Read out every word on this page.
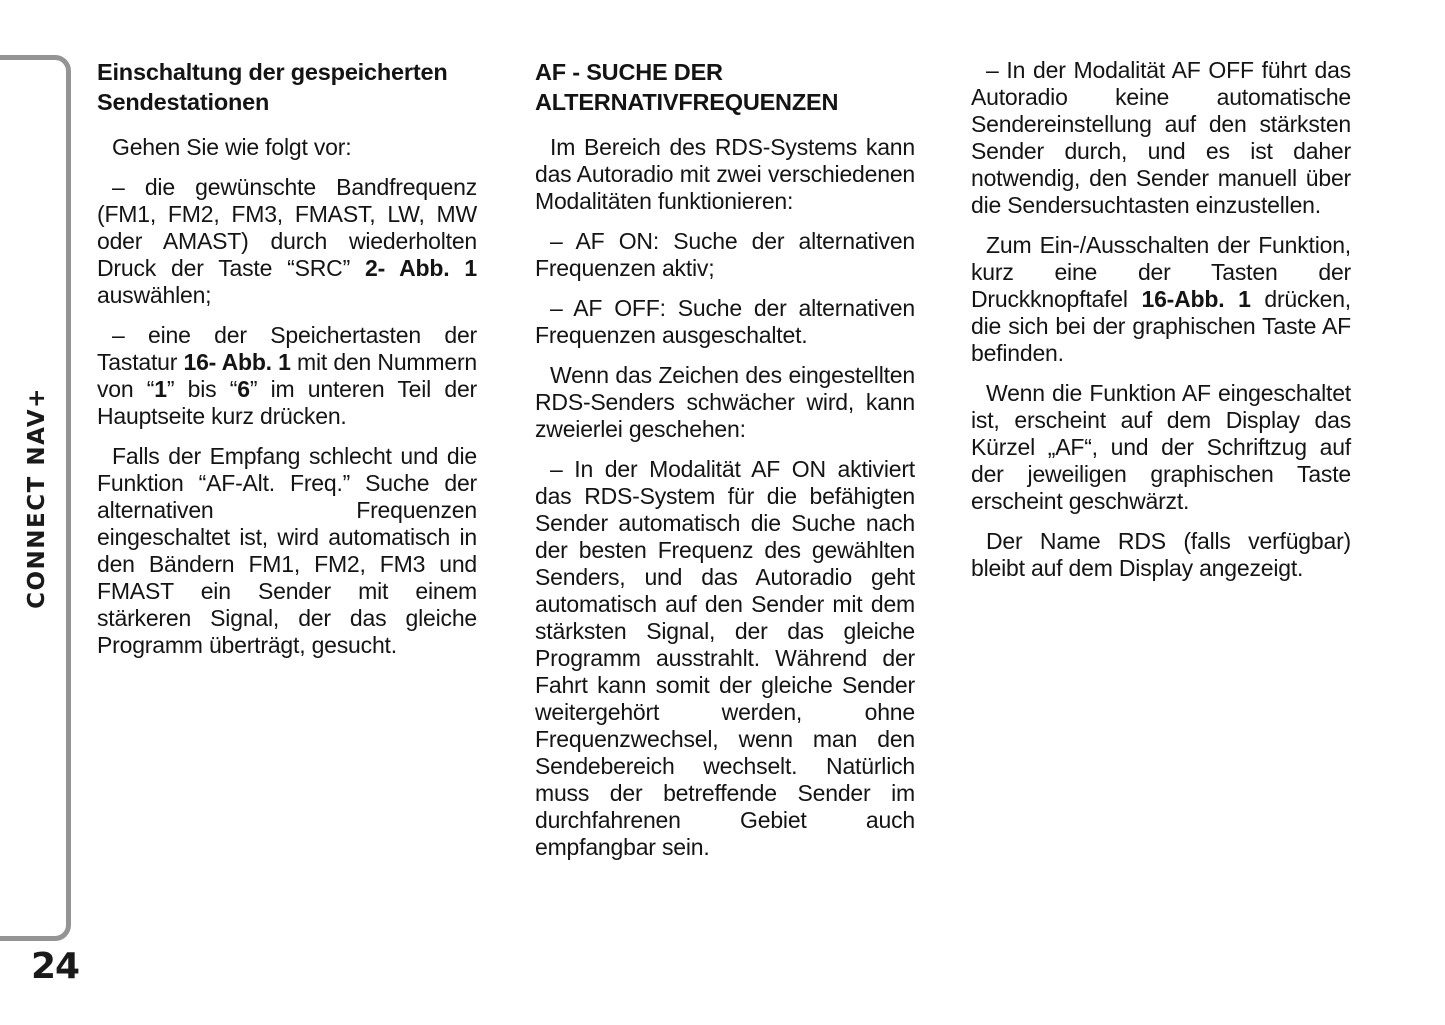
CONNECT NAV+
24
Einschaltung der gespeicherten Sendestationen

Gehen Sie wie folgt vor:

– die gewünschte Bandfrequenz (FM1, FM2, FM3, FMAST, LW, MW oder AMAST) durch wiederholten Druck der Taste “SRC” 2- Abb. 1 auswählen;

– eine der Speichertasten der Tastatur 16- Abb. 1 mit den Nummern von “1” bis “6” im unteren Teil der Hauptseite kurz drücken.

Falls der Empfang schlecht und die Funktion “AF-Alt. Freq.” Suche der alternativen Frequenzen eingeschaltet ist, wird automatisch in den Bändern FM1, FM2, FM3 und FMAST ein Sender mit einem stärkeren Signal, der das gleiche Programm überträgt, gesucht.

AF - SUCHE DER ALTERNATIVFREQUENZEN

Im Bereich des RDS-Systems kann das Autoradio mit zwei verschiedenen Modalitäten funktionieren:

– AF ON: Suche der alternativen Frequenzen aktiv;

– AF OFF: Suche der alternativen Frequenzen ausgeschaltet.

Wenn das Zeichen des eingestellten RDS-Senders schwächer wird, kann zweierlei geschehen:

– In der Modalität AF ON aktiviert das RDS-System für die befähigten Sender automatisch die Suche nach der besten Frequenz des gewählten Senders, und das Autoradio geht automatisch auf den Sender mit dem stärksten Signal, der das gleiche Programm ausstrahlt. Während der Fahrt kann somit der gleiche Sender weitergehört werden, ohne Frequenzwechsel, wenn man den Sendebereich wechselt. Natürlich muss der betreffende Sender im durchfahrenen Gebiet auch empfangbar sein.

– In der Modalität AF OFF führt das Autoradio keine automatische Sendereinstellung auf den stärksten Sender durch, und es ist daher notwendig, den Sender manuell über die Sendersuchtasten einzustellen.

Zum Ein-/Ausschalten der Funktion, kurz eine der Tasten der Druckknopftafel 16-Abb. 1 drücken, die sich bei der graphischen Taste AF befinden.

Wenn die Funktion AF eingeschaltet ist, erscheint auf dem Display das Kürzel „AF“, und der Schriftzug auf der jeweiligen graphischen Taste erscheint geschwärzt.

Der Name RDS (falls verfügbar) bleibt auf dem Display angezeigt.
